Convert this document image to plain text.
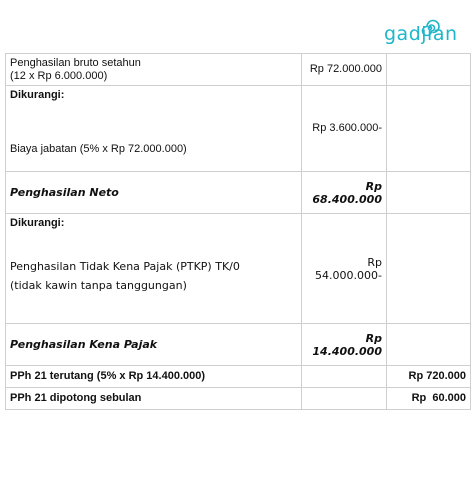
gadjian
Penghasilan bruto setahun
(12 x Rp 6.000.000)	Rp 72.000.000	

Dikurangi:
Biaya jabatan (5% x Rp 72.000.000)	Rp 3.600.000-	
Penghasilan Neto	Rp 68.400.000	

Dikurangi:
Penghasilan Tidak Kena Pajak (PTKP) TK/0
(tidak kawin tanpa tanggungan)	Rp 54.000.000-	
Penghasilan Kena Pajak	Rp 14.400.000	
PPh 21 terutang (5% x Rp 14.400.000)		Rp 720.000
PPh 21 dipotong sebulan		Rp  60.000
